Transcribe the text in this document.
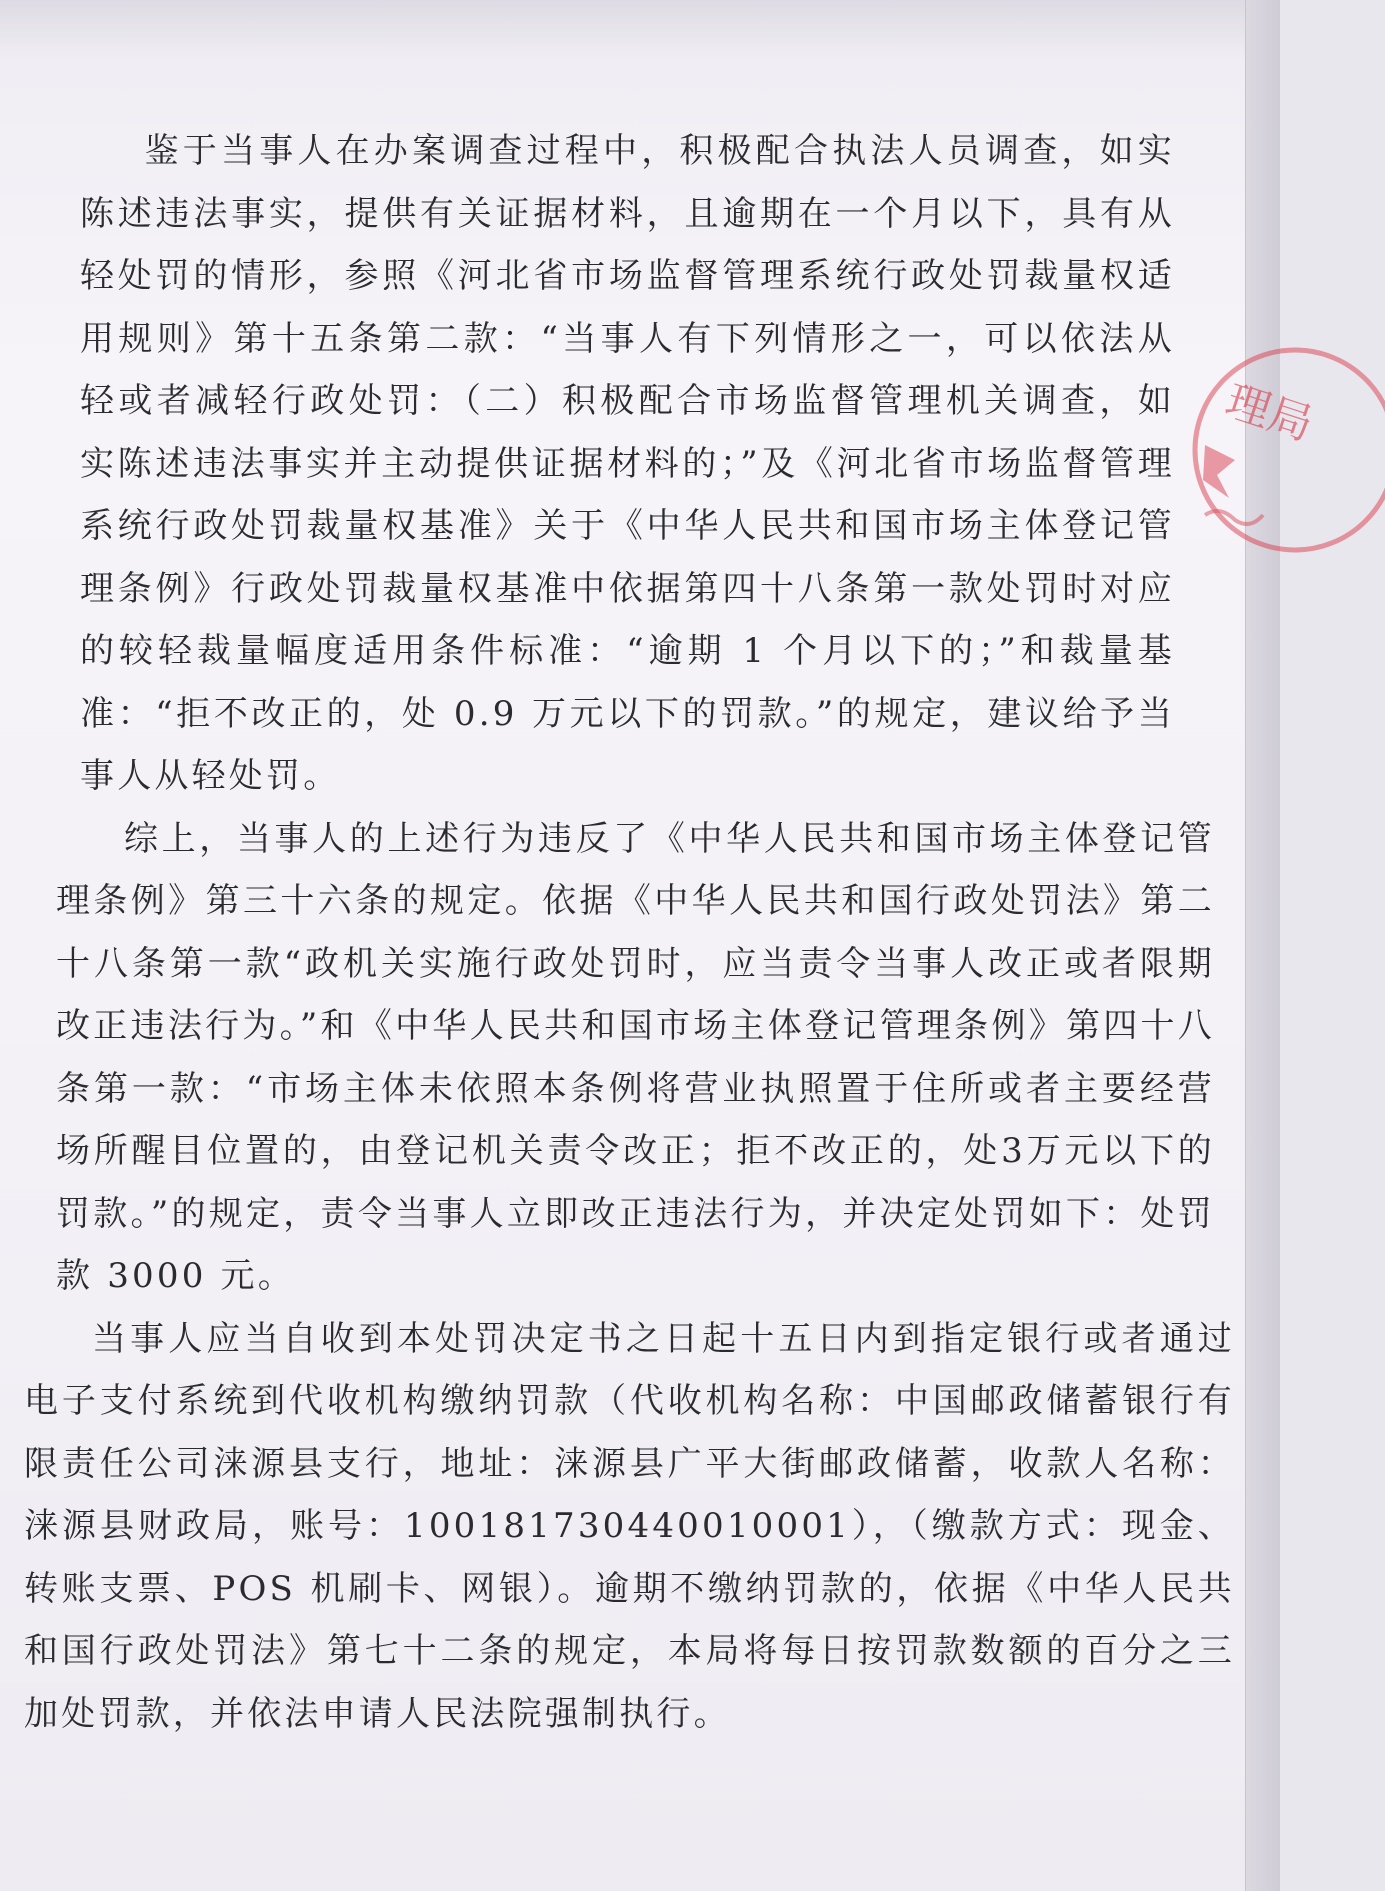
鉴于当事人在办案调查过程中，积极配合执法人员调查，如实陈述违法事实，提供有关证据材料，且逾期在一个月以下，具有从轻处罚的情形，参照《河北省市场监督管理系统行政处罚裁量权适用规则》第十五条第二款：“当事人有下列情形之一，可以依法从轻或者减轻行政处罚：（二）积极配合市场监督管理机关调查，如实陈述违法事实并主动提供证据材料的；”及《河北省市场监督管理系统行政处罚裁量权基准》关于《中华人民共和国市场主体登记管理条例》行政处罚裁量权基准中依据第四十八条第一款处罚时对应的较轻裁量幅度适用条件标准：“逾期 1 个月以下的；”和裁量基准：“拒不改正的，处 0.9 万元以下的罚款。”的规定，建议给予当事人从轻处罚。

综上，当事人的上述行为违反了《中华人民共和国市场主体登记管理条例》第三十六条的规定。依据《中华人民共和国行政处罚法》第二十八条第一款“政机关实施行政处罚时，应当责令当事人改正或者限期改正违法行为。”和《中华人民共和国市场主体登记管理条例》第四十八条第一款：“市场主体未依照本条例将营业执照置于住所或者主要经营场所醒目位置的，由登记机关责令改正；拒不改正的，处3万元以下的罚款。”的规定，责令当事人立即改正违法行为，并决定处罚如下：处罚款 3000 元。

当事人应当自收到本处罚决定书之日起十五日内到指定银行或者通过电子支付系统到代收机构缴纳罚款（代收机构名称：中国邮政储蓄银行有限责任公司涞源县支行，地址：涞源县广平大街邮政储蓄，收款人名称：涞源县财政局，账号：100181730440010001），（缴款方式：现金、转账支票、POS 机刷卡、网银）。逾期不缴纳罚款的，依据《中华人民共和国行政处罚法》第七十二条的规定，本局将每日按罚款数额的百分之三加处罚款，并依法申请人民法院强制执行。

理局
